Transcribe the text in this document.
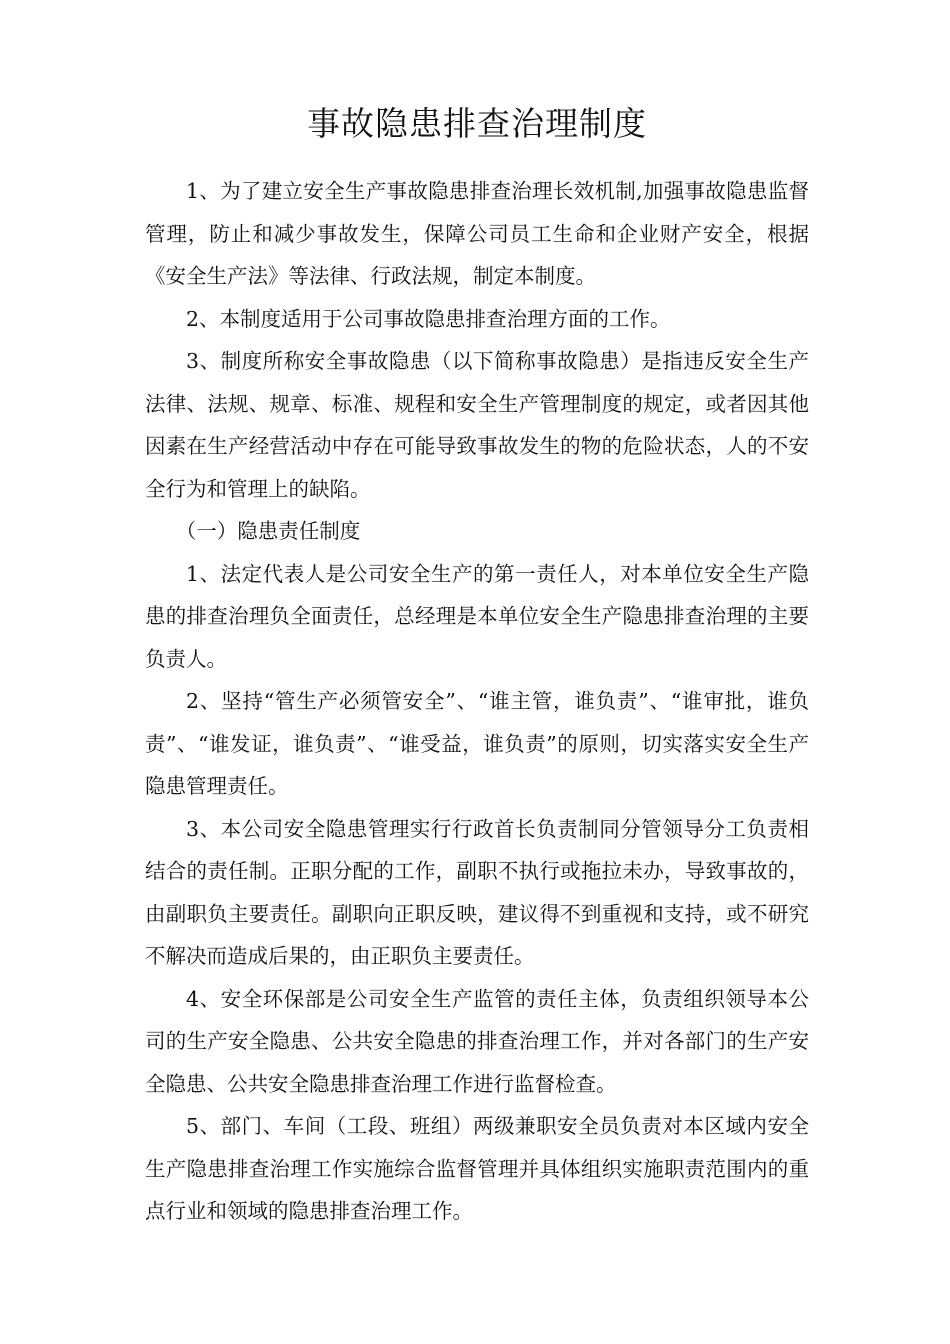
事故隐患排查治理制度

1、为了建立安全生产事故隐患排查治理长效机制,加强事故隐患监督管理，防止和减少事故发生，保障公司员工生命和企业财产安全，根据《安全生产法》等法律、行政法规，制定本制度。

2、本制度适用于公司事故隐患排查治理方面的工作。

3、制度所称安全事故隐患（以下简称事故隐患）是指违反安全生产法律、法规、规章、标准、规程和安全生产管理制度的规定，或者因其他因素在生产经营活动中存在可能导致事故发生的物的危险状态，人的不安全行为和管理上的缺陷。

（一）隐患责任制度

1、法定代表人是公司安全生产的第一责任人，对本单位安全生产隐患的排查治理负全面责任，总经理是本单位安全生产隐患排查治理的主要负责人。

2、坚持“管生产必须管安全”、“谁主管，谁负责”、“谁审批，谁负责”、“谁发证，谁负责”、“谁受益，谁负责”的原则，切实落实安全生产隐患管理责任。

3、本公司安全隐患管理实行行政首长负责制同分管领导分工负责相结合的责任制。正职分配的工作，副职不执行或拖拉未办，导致事故的，由副职负主要责任。副职向正职反映，建议得不到重视和支持，或不研究不解决而造成后果的，由正职负主要责任。

4、安全环保部是公司安全生产监管的责任主体，负责组织领导本公司的生产安全隐患、公共安全隐患的排查治理工作，并对各部门的生产安全隐患、公共安全隐患排查治理工作进行监督检查。

5、部门、车间（工段、班组）两级兼职安全员负责对本区域内安全生产隐患排查治理工作实施综合监督管理并具体组织实施职责范围内的重点行业和领域的隐患排查治理工作。
